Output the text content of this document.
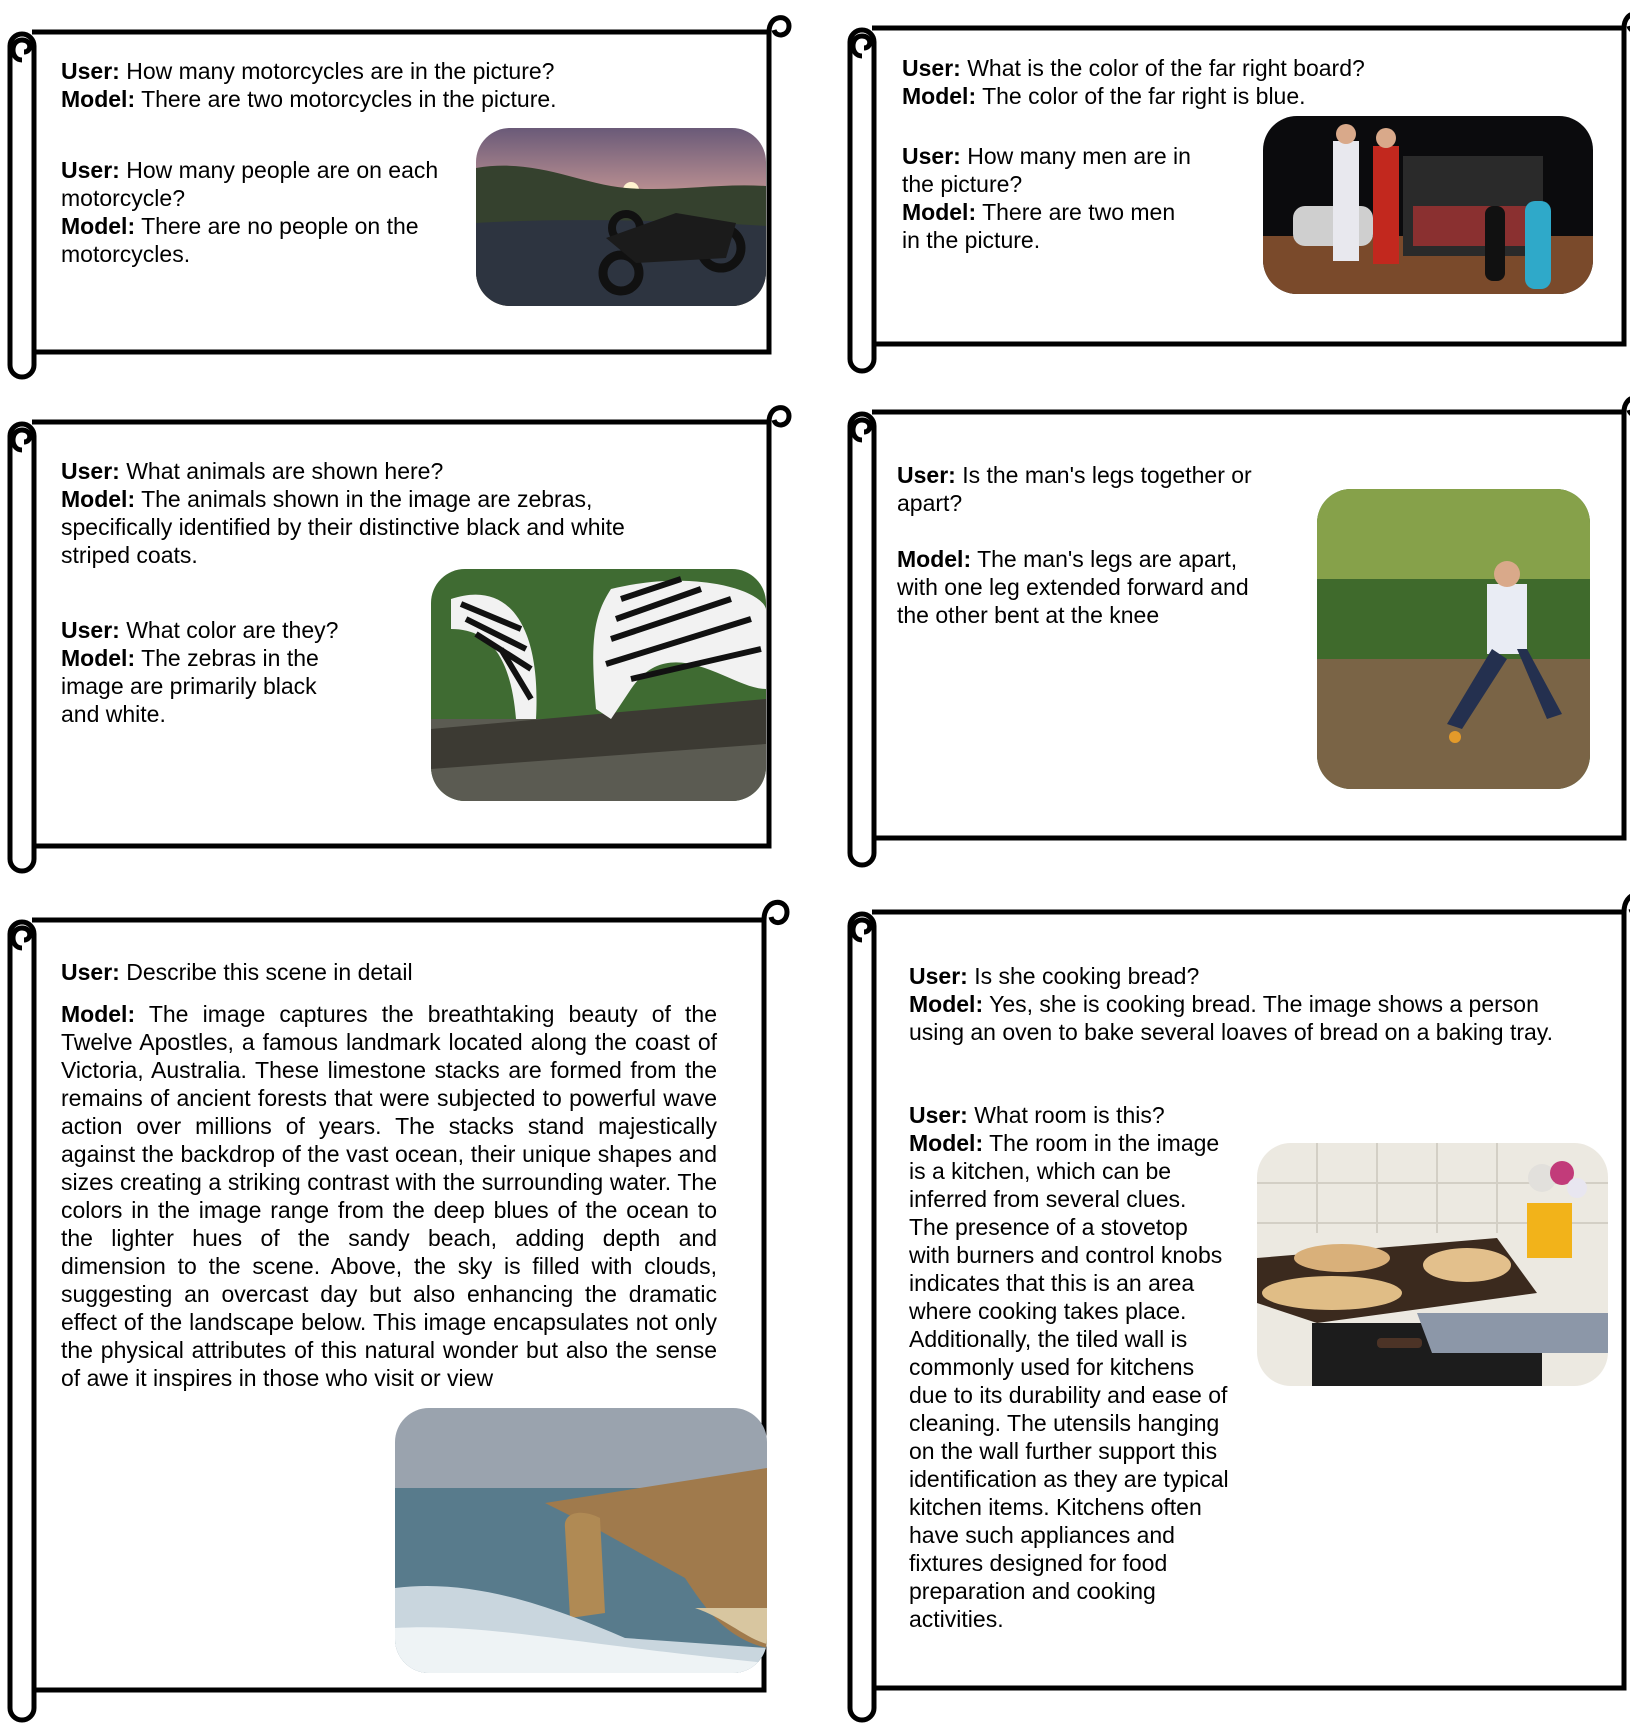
User: How many motorcycles are in the picture?
Model: There are two motorcycles in the picture.

User: How many people are on each motorcycle?
Model: There are no people on the motorcycles.

User: What is the color of the far right board?
Model: The color of the far right is blue.

User: How many men are in the picture?
Model: There are two men in the picture.

User: What animals are shown here?
Model: The animals shown in the image are zebras, specifically identified by their distinctive black and white striped coats.

User: What color are they?
Model: The zebras in the image are primarily black and white.

User: Is the man's legs together or apart?

Model: The man's legs are apart, with one leg extended forward and the other bent at the knee

User: Describe this scene in detail

Model: The image captures the breathtaking beauty of the Twelve Apostles, a famous landmark located along the coast of Victoria, Australia. These limestone stacks are formed from the remains of ancient forests that were subjected to powerful wave action over millions of years. The stacks stand majestically against the backdrop of the vast ocean, their unique shapes and sizes creating a striking contrast with the surrounding water. The colors in the image range from the deep blues of the ocean to the lighter hues of the sandy beach, adding depth and dimension to the scene. Above, the sky is filled with clouds, suggesting an overcast day but also enhancing the dramatic effect of the landscape below. This image encapsulates not only the physical attributes of this natural wonder but also the sense of awe it inspires in those who visit or view

User: Is she cooking bread?
Model: Yes, she is cooking bread. The image shows a person using an oven to bake several loaves of bread on a baking tray.

User: What room is this?
Model: The room in the image is a kitchen, which can be inferred from several clues. The presence of a stovetop with burners and control knobs indicates that this is an area where cooking takes place. Additionally, the tiled wall is commonly used for kitchens due to its durability and ease of cleaning. The utensils hanging on the wall further support this identification as they are typical kitchen items. Kitchens often have such appliances and fixtures designed for food preparation and cooking activities.
